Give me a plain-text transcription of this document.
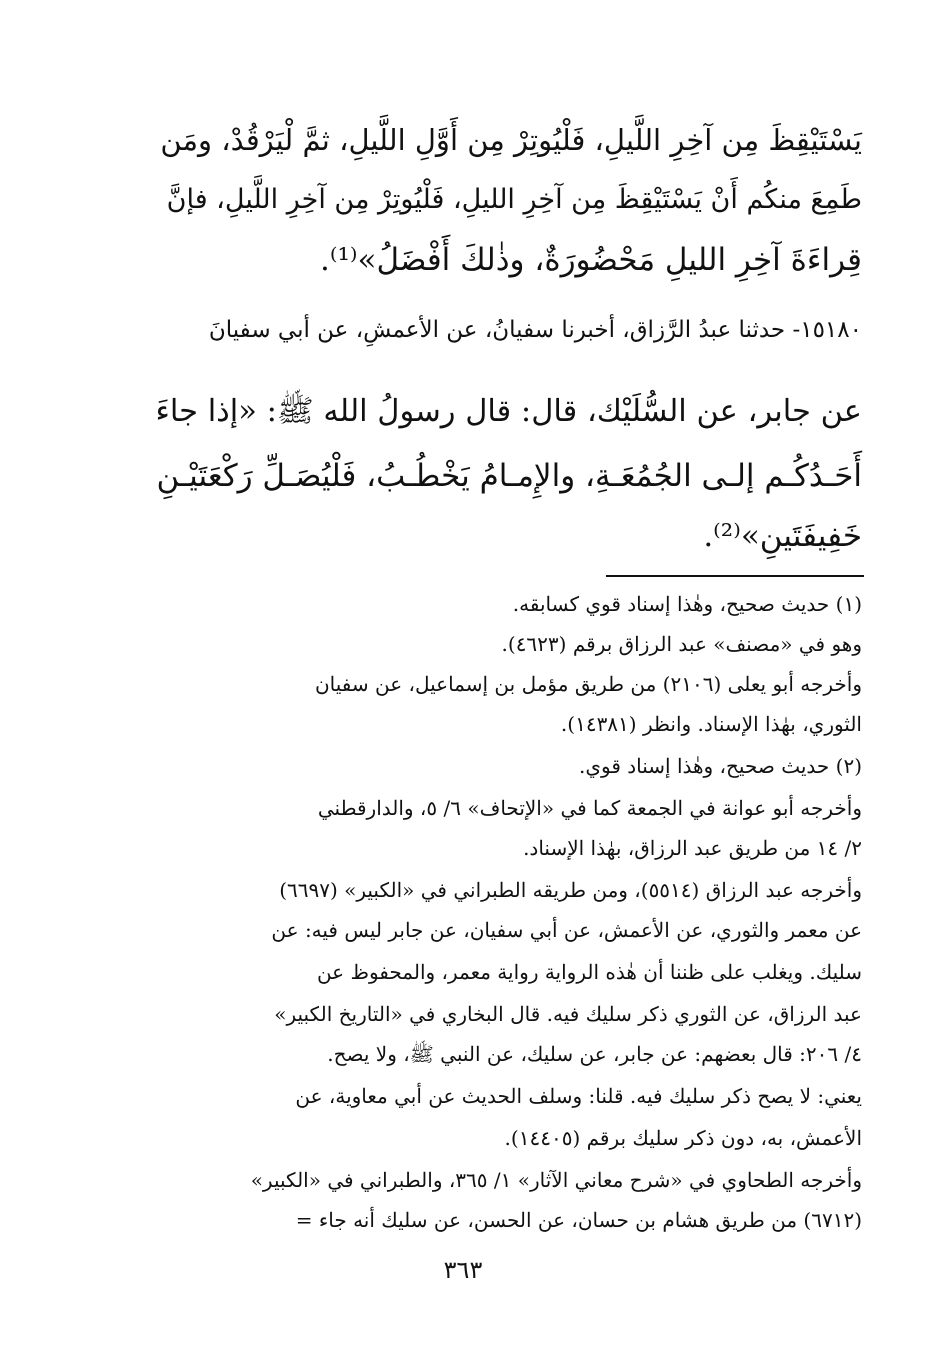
يَسْتَيْقِظَ مِن آخِرِ اللَّيلِ، فَلْيُوتِرْ مِن أَوَّلِ اللَّيلِ، ثمَّ لْيَرْقُدْ، ومَن
طَمِعَ منكُم أَنْ يَسْتَيْقِظَ مِن آخِرِ الليلِ، فَلْيُوتِرْ مِن آخِرِ اللَّيلِ، فإنَّ
قِراءَةَ آخِرِ الليلِ مَحْضُورَةٌ، وذٰلكَ أَفْضَلُ»⁽¹⁾.
١٥١٨٠- حدثنا عبدُ الرَّزاق، أخبرنا سفيانُ، عن الأعمشِ، عن أبي سفيانَ
عن جابر، عن السُّلَيْك، قال: قال رسولُ الله ﷺ: «إذا جاءَ
أَحَـدُكُـم إلـى الجُمُعَـةِ، والإِمـامُ يَخْطُـبُ، فَلْيُصَـلِّ رَكْعَتَيْـنِ
خَفِيفَتَينِ»⁽²⁾.
(١) حديث صحيح، وهٰذا إسناد قوي كسابقه.
وهو في «مصنف» عبد الرزاق برقم (٤٦٢٣).
وأخرجه أبو يعلى (٢١٠٦) من طريق مؤمل بن إسماعيل، عن سفيان
الثوري، بهٰذا الإسناد. وانظر (١٤٣٨١).
(٢) حديث صحيح، وهٰذا إسناد قوي.
وأخرجه أبو عوانة في الجمعة كما في «الإتحاف» ٦/ ٥، والدارقطني
٢/ ١٤ من طريق عبد الرزاق، بهٰذا الإسناد.
وأخرجه عبد الرزاق (٥٥١٤)، ومن طريقه الطبراني في «الكبير» (٦٦٩٧)
عن معمر والثوري، عن الأعمش، عن أبي سفيان، عن جابر ليس فيه: عن
سليك. ويغلب على ظننا أن هٰذه الرواية رواية معمر، والمحفوظ عن
عبد الرزاق، عن الثوري ذكر سليك فيه. قال البخاري في «التاريخ الكبير»
٤/ ٢٠٦: قال بعضهم: عن جابر، عن سليك، عن النبي ﷺ، ولا يصح.
يعني: لا يصح ذكر سليك فيه. قلنا: وسلف الحديث عن أبي معاوية، عن
الأعمش، به، دون ذكر سليك برقم (١٤٤٠٥).
وأخرجه الطحاوي في «شرح معاني الآثار» ١/ ٣٦٥، والطبراني في «الكبير»
(٦٧١٢) من طريق هشام بن حسان، عن الحسن، عن سليك أنه جاء =
٣٦٣
